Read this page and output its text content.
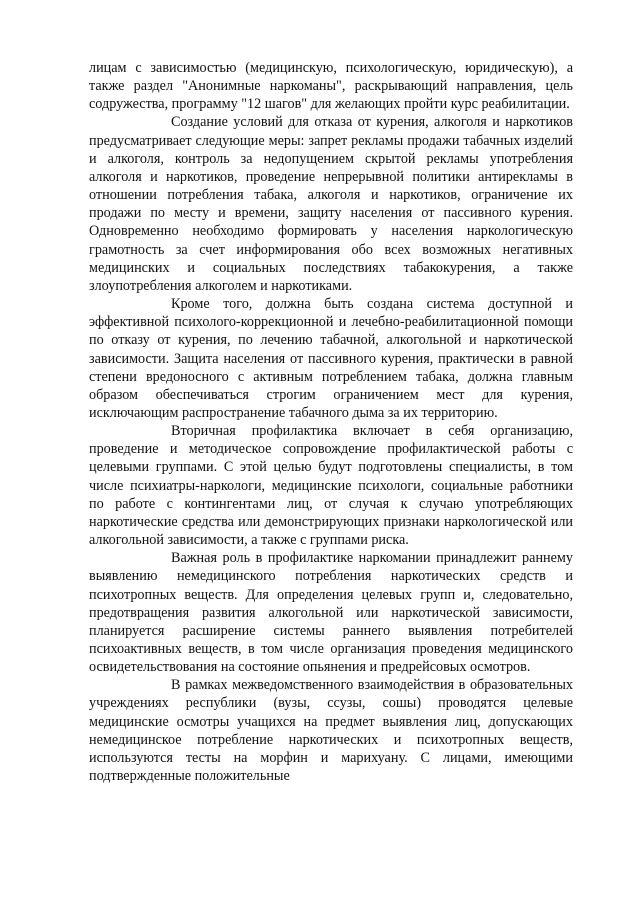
лицам с зависимостью (медицинскую, психологическую, юридическую), а также раздел "Анонимные наркоманы", раскрывающий направления, цель содружества, программу "12 шагов" для желающих пройти курс реабилитации.

Создание условий для отказа от курения, алкоголя и наркотиков предусматривает следующие меры: запрет рекламы продажи табачных изделий и алкоголя, контроль за недопущением скрытой рекламы употребления алкоголя и наркотиков, проведение непрерывной политики антирекламы в отношении потребления табака, алкоголя и наркотиков, ограничение их продажи по месту и времени, защиту населения от пассивного курения. Одновременно необходимо формировать у населения наркологическую грамотность за счет информирования обо всех возможных негативных медицинских и социальных последствиях табакокурения, а также злоупотребления алкоголем и наркотиками.

Кроме того, должна быть создана система доступной и эффективной психолого-коррекционной и лечебно-реабилитационной помощи по отказу от курения, по лечению табачной, алкогольной и наркотической зависимости. Защита населения от пассивного курения, практически в равной степени вредоносного с активным потреблением табака, должна главным образом обеспечиваться строгим ограничением мест для курения, исключающим распространение табачного дыма за их территорию.

Вторичная профилактика включает в себя организацию, проведение и методическое сопровождение профилактической работы с целевыми группами. С этой целью будут подготовлены специалисты, в том числе психиатры-наркологи, медицинские психологи, социальные работники по работе с контингентами лиц, от случая к случаю употребляющих наркотические средства или демонстрирующих признаки наркологической или алкогольной зависимости, а также с группами риска.

Важная роль в профилактике наркомании принадлежит раннему выявлению немедицинского потребления наркотических средств и психотропных веществ. Для определения целевых групп и, следовательно, предотвращения развития алкогольной или наркотической зависимости, планируется расширение системы раннего выявления потребителей психоактивных веществ, в том числе организация проведения медицинского освидетельствования на состояние опьянения и предрейсовых осмотров.

В рамках межведомственного взаимодействия в образовательных учреждениях республики (вузы, ссузы, сошы) проводятся целевые медицинские осмотры учащихся на предмет выявления лиц, допускающих немедицинское потребление наркотических и психотропных веществ, используются тесты на морфин и марихуану. С лицами, имеющими подтвержденные положительные
